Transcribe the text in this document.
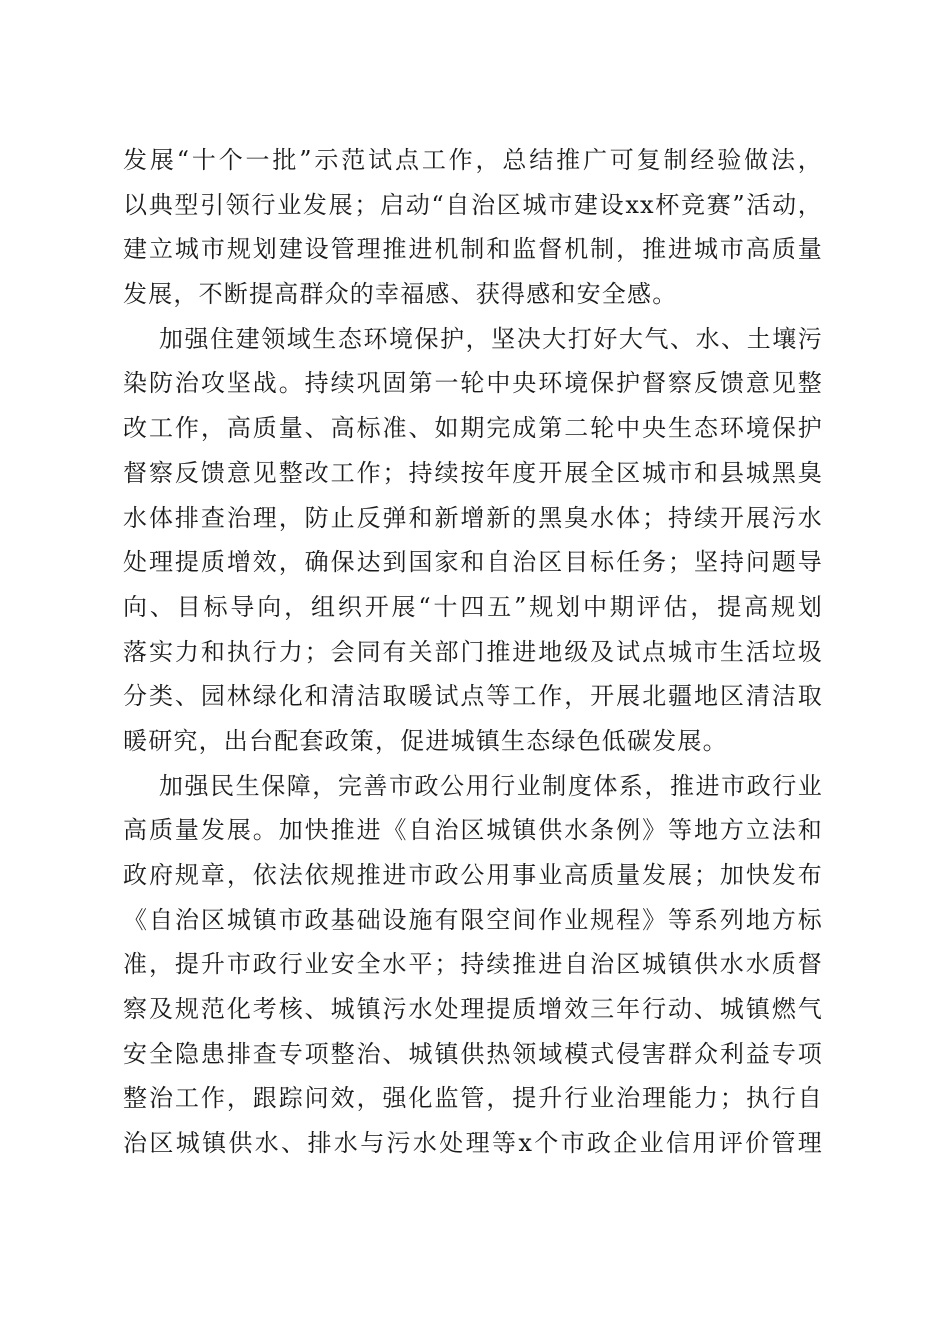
发展“十个一批”示范试点工作，总结推广可复制经验做法，
以典型引领行业发展；启动“自治区城市建设xx杯竞赛”活动，
建立城市规划建设管理推进机制和监督机制，推进城市高质量
发展，不断提高群众的幸福感、获得感和安全感。
加强住建领域生态环境保护，坚决大打好大气、水、土壤污
染防治攻坚战。持续巩固第一轮中央环境保护督察反馈意见整
改工作，高质量、高标准、如期完成第二轮中央生态环境保护
督察反馈意见整改工作；持续按年度开展全区城市和县城黑臭
水体排查治理，防止反弹和新增新的黑臭水体；持续开展污水
处理提质增效，确保达到国家和自治区目标任务；坚持问题导
向、目标导向，组织开展“十四五”规划中期评估，提高规划
落实力和执行力；会同有关部门推进地级及试点城市生活垃圾
分类、园林绿化和清洁取暖试点等工作，开展北疆地区清洁取
暖研究，出台配套政策，促进城镇生态绿色低碳发展。
加强民生保障，完善市政公用行业制度体系，推进市政行业
高质量发展。加快推进《自治区城镇供水条例》等地方立法和
政府规章，依法依规推进市政公用事业高质量发展；加快发布
《自治区城镇市政基础设施有限空间作业规程》等系列地方标
准，提升市政行业安全水平；持续推进自治区城镇供水水质督
察及规范化考核、城镇污水处理提质增效三年行动、城镇燃气
安全隐患排查专项整治、城镇供热领域模式侵害群众利益专项
整治工作，跟踪问效，强化监管，提升行业治理能力；执行自
治区城镇供水、排水与污水处理等x个市政企业信用评价管理
